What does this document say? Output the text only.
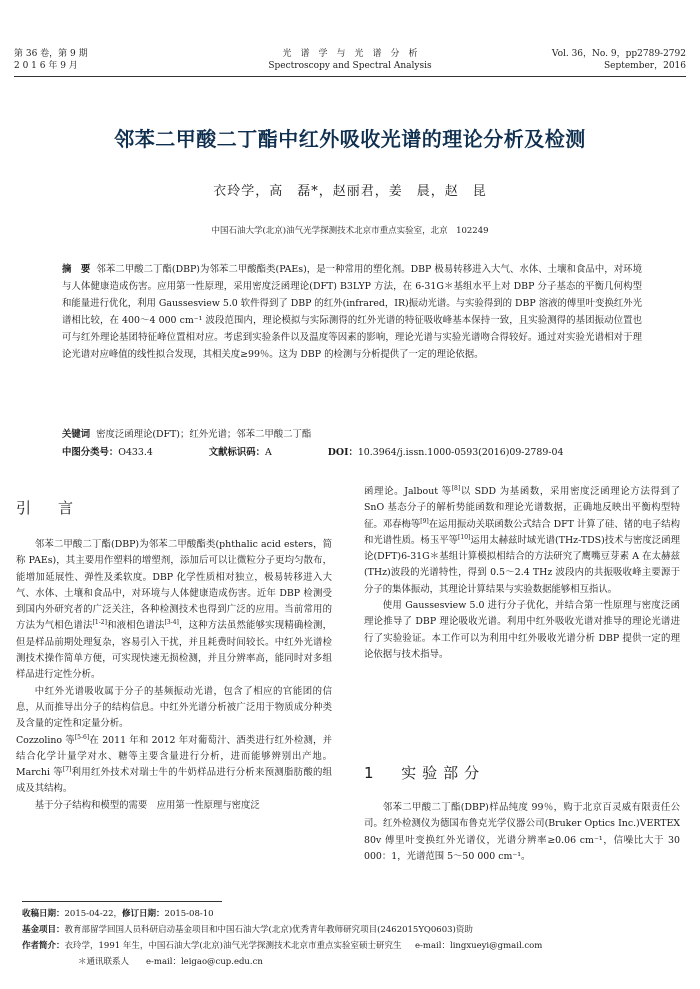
第 36 卷，第 9 期
2 0 1 6 年 9 月
光　谱　学　与　光　谱　分　析
Spectroscopy and Spectral Analysis
Vol. 36，No. 9，pp2789-2792
September，2016
邻苯二甲酸二丁酯中红外吸收光谱的理论分析及检测
衣玲学，高　磊*，赵丽君，姜　晨，赵　昆
中国石油大学(北京)油气光学探测技术北京市重点实验室，北京　102249
摘　要 邻苯二甲酸二丁酯(DBP)为邻苯二甲酸酯类(PAEs)，是一种常用的塑化剂。DBP 极易转移进入大气、水体、土壤和食品中，对环境与人体健康造成伤害。应用第一性原理，采用密度泛函理论(DFT) B3LYP 方法，在 6-31G＊基组水平上对 DBP 分子基态的平衡几何构型和能量进行优化，利用 Gaussesview 5.0 软件得到了 DBP 的红外(infrared，IR)振动光谱。与实验得到的 DBP 溶液的傅里叶变换红外光谱相比较，在 400～4 000 cm⁻¹ 波段范围内，理论模拟与实际测得的红外光谱的特征吸收峰基本保持一致，且实验测得的基团振动位置也可与红外理论基团特征峰位置相对应。考虑到实验条件以及温度等因素的影响，理论光谱与实验光谱吻合得较好。通过对实验光谱相对于理论光谱对应峰值的线性拟合发现，其相关度≥99％。这为 DBP 的检测与分析提供了一定的理论依据。
关键词 密度泛函理论(DFT)；红外光谱；邻苯二甲酸二丁酯
中图分类号：O433.4	文献标识码：A	DOI：10.3964/j.issn.1000-0593(2016)09-2789-04
引　言

邻苯二甲酸二丁酯(DBP)为邻苯二甲酸酯类(phthalic acid esters，简称 PAEs)，其主要用作塑料的增塑剂，添加后可以让微粒分子更均匀散布，能增加延展性、弹性及柔软度。DBP 化学性质相对独立，极易转移进入大气、水体、土壤和食品中，对环境与人体健康造成伤害。近年 DBP 检测受到国内外研究者的广泛关注，各种检测技术也得到广泛的应用。当前常用的方法为气相色谱法[1-2]和液相色谱法[3-4]，这种方法虽然能够实现精确检测，但是样品前期处理复杂，容易引入干扰，并且耗费时间较长。中红外光谱检测技术操作简单方便，可实现快速无损检测，并且分辨率高，能同时对多组样品进行定性分析。

中红外光谱吸收属于分子的基频振动光谱，包含了相应的官能团的信息，从而推导出分子的结构信息。中红外光谱分析被广泛用于物质成分种类及含量的定性和定量分析。

Cozzolino 等[5-6]在 2011 年和 2012 年对葡萄汁、酒类进行红外检测，并结合化学计量学对水、糖等主要含量进行分析，进而能够辨别出产地。Marchi 等[7]利用红外技术对瑞士牛的牛奶样品进行分析来预测脂肪酸的组成及其结构。

基于分子结构和模型的需要　应用第一性原理与密度泛

函理论。Jalbout 等[8]以 SDD 为基函数，采用密度泛函理论方法得到了 SnO 基态分子的解析势能函数和理论光谱数据，正确地反映出平衡构型特征。邓春梅等[9]在运用振动关联函数公式结合 DFT 计算了硅、锗的电子结构和光谱性质。杨玉平等[10]运用太赫兹时域光谱(THz-TDS)技术与密度泛函理论(DFT)6-31G＊基组计算模拟相结合的方法研究了鹰嘴豆芽素 A 在太赫兹(THz)波段的光谱特性，得到 0.5～2.4 THz 波段内的共振吸收峰主要源于分子的集体振动，其理论计算结果与实验数据能够相互指认。

使用 Gaussesview 5.0 进行分子优化，并结合第一性原理与密度泛函理论推导了 DBP 理论吸收光谱。利用中红外吸收光谱对推导的理论光谱进行了实验验证。本工作可以为利用中红外吸收光谱分析 DBP 提供一定的理论依据与技术指导。

1 实验部分

邻苯二甲酸二丁酯(DBP)样品纯度 99％，购于北京百灵威有限责任公司。红外检测仪为德国布鲁克光学仪器公司(Bruker Optics Inc.)VERTEX 80v 傅里叶变换红外光谱仪，光谱分辨率≥0.06 cm⁻¹，信噪比大于 30 000：1，光谱范围 5～50 000 cm⁻¹。

收稿日期：2015-04-22，修订日期：2015-08-10
基金项目：教育部留学回国人员科研启动基金项目和中国石油大学(北京)优秀青年教师研究项目(2462015YQ0603)资助
作者简介：衣玲学，1991 年生，中国石油大学(北京)油气光学探测技术北京市重点实验室硕士研究生 e-mail：lingxueyi@gmail.com
＊通讯联系人　　e-mail：leigao@cup.edu.cn
